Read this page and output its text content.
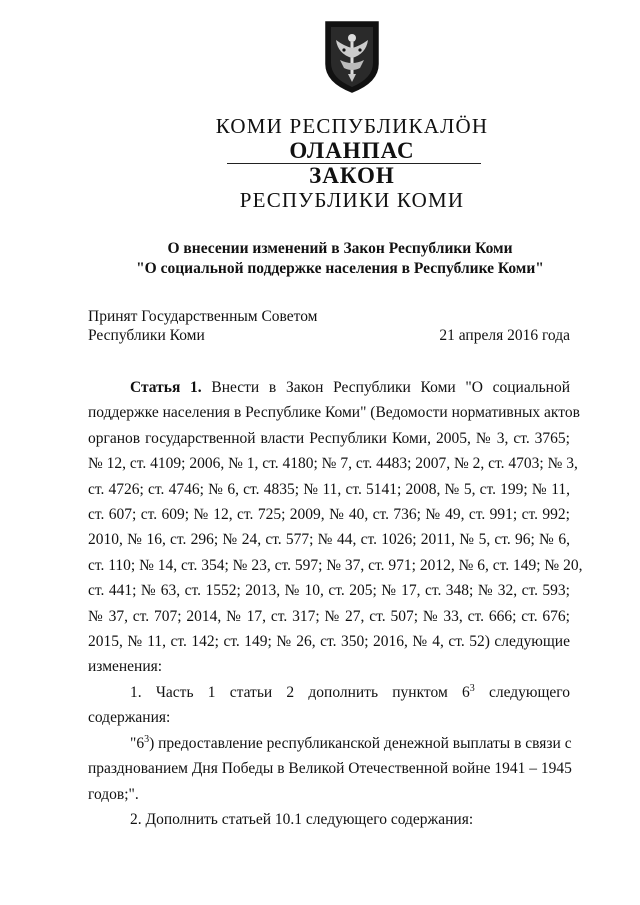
КОМИ РЕСПУБЛИКАЛÖН
ОЛАНПАС
ЗАКОН
РЕСПУБЛИКИ КОМИ
О внесении изменений в Закон Республики Коми
"О социальной поддержке населения в Республике Коми"
Принят Государственным Советом
Республики Коми	21 апреля 2016 года
Статья 1. Внести в Закон Республики Коми "О социальной
поддержке населения в Республике Коми" (Ведомости нормативных актов
органов государственной власти Республики Коми, 2005, № 3, ст. 3765;
№ 12, ст. 4109; 2006, № 1, ст. 4180; № 7, ст. 4483; 2007, № 2, ст. 4703; № 3,
ст. 4726; ст. 4746; № 6, ст. 4835; № 11, ст. 5141; 2008, № 5, ст. 199; № 11,
ст. 607; ст. 609; № 12, ст. 725; 2009, № 40, ст. 736; № 49, ст. 991; ст. 992;
2010, № 16, ст. 296; № 24, ст. 577; № 44, ст. 1026; 2011, № 5, ст. 96; № 6,
ст. 110; № 14, ст. 354; № 23, ст. 597; № 37, ст. 971; 2012, № 6, ст. 149; № 20,
ст. 441; № 63, ст. 1552; 2013, № 10, ст. 205; № 17, ст. 348; № 32, ст. 593;
№ 37, ст. 707; 2014, № 17, ст. 317; № 27, ст. 507; № 33, ст. 666; ст. 676;
2015, № 11, ст. 142; ст. 149; № 26, ст. 350; 2016, № 4, ст. 52) следующие
изменения:

1. Часть 1 статьи 2 дополнить пунктом $6^3$ следующего содержания:

"$6^3$) предоставление республиканской денежной выплаты в связи с
празднованием Дня Победы в Великой Отечественной войне 1941 – 1945
годов;".

2. Дополнить статьей 10.1 следующего содержания:
